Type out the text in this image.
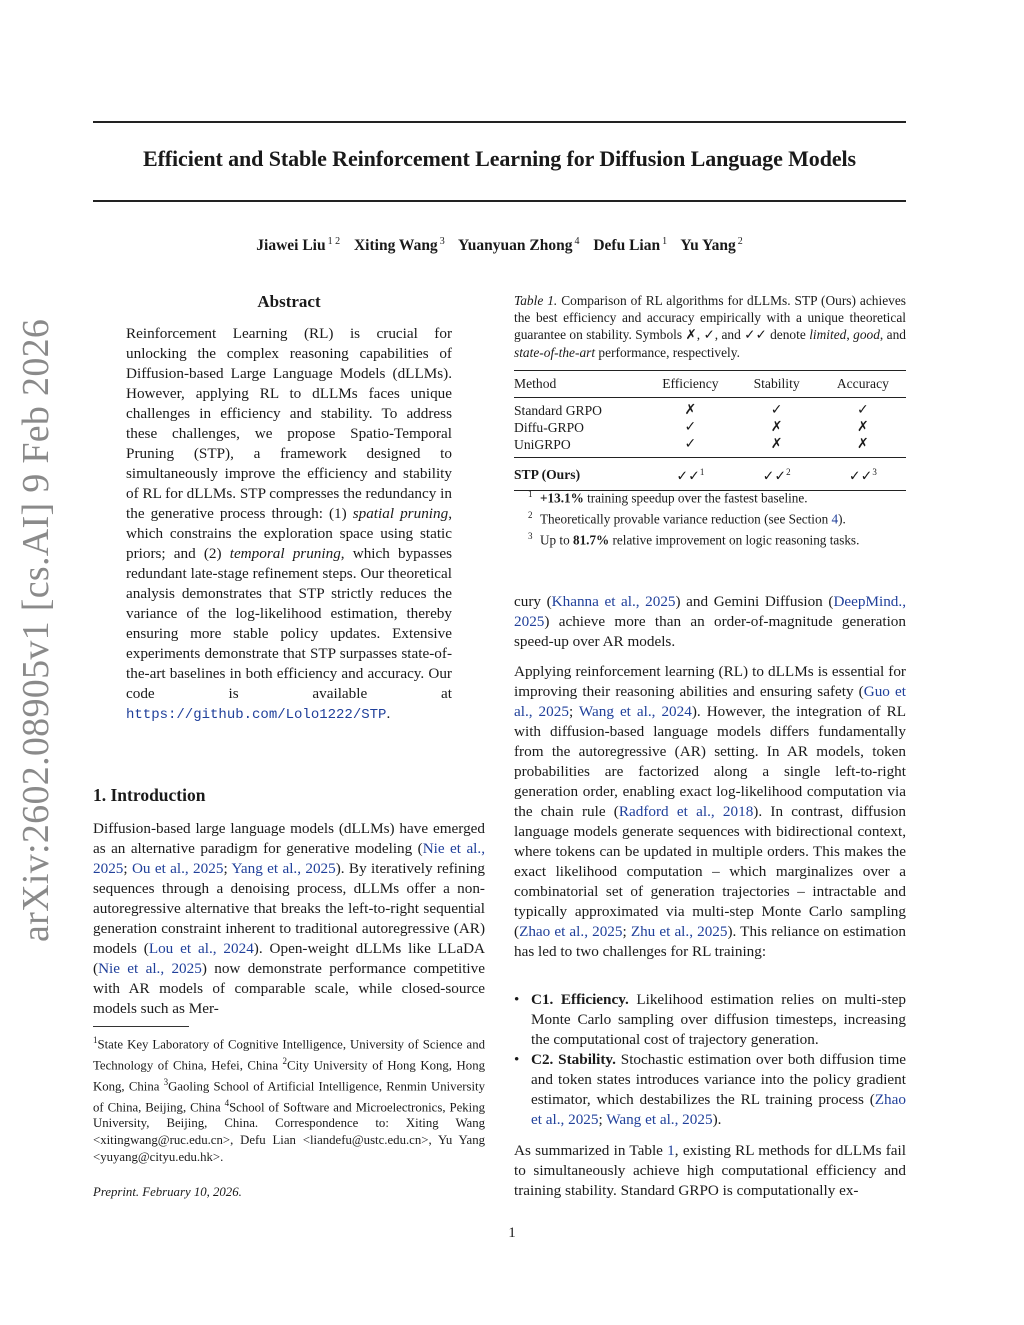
arXiv:2602.08905v1 [cs.AI] 9 Feb 2026
Efficient and Stable Reinforcement Learning for Diffusion Language Models
Jiawei Liu $^{1 2}$ Xiting Wang $^3$ Yuanyuan Zhong $^4$ Defu Lian $^1$ Yu Yang $^2$
Abstract
Reinforcement Learning (RL) is crucial for unlocking the complex reasoning capabilities of Diffusion-based Large Language Models (dLLMs). However, applying RL to dLLMs faces unique challenges in efficiency and stability. To address these challenges, we propose Spatio-Temporal Pruning (STP), a framework designed to simultaneously improve the efficiency and stability of RL for dLLMs. STP compresses the redundancy in the generative process through: (1) spatial pruning, which constrains the exploration space using static priors; and (2) temporal pruning, which bypasses redundant late-stage refinement steps. Our theoretical analysis demonstrates that STP strictly reduces the variance of the log-likelihood estimation, thereby ensuring more stable policy updates. Extensive experiments demonstrate that STP surpasses state-of-the-art baselines in both efficiency and accuracy. Our code is available at https://github.com/Lolo1222/STP.
1. Introduction
Diffusion-based large language models (dLLMs) have emerged as an alternative paradigm for generative modeling (Nie et al., 2025; Ou et al., 2025; Yang et al., 2025). By iteratively refining sequences through a denoising process, dLLMs offer a non-autoregressive alternative that breaks the left-to-right sequential generation constraint inherent to traditional autoregressive (AR) models (Lou et al., 2024). Open-weight dLLMs like LLaDA (Nie et al., 2025) now demonstrate performance competitive with AR models of comparable scale, while closed-source models such as Mer-
$^1$State Key Laboratory of Cognitive Intelligence, University of Science and Technology of China, Hefei, China $^2$City University of Hong Kong, Hong Kong, China $^3$Gaoling School of Artificial Intelligence, Renmin University of China, Beijing, China $^4$School of Software and Microelectronics, Peking University, Beijing, China. Correspondence to: Xiting Wang <xitingwang@ruc.edu.cn>, Defu Lian <liandefu@ustc.edu.cn>, Yu Yang <yuyang@cityu.edu.hk>.
Preprint. February 10, 2026.
1
Table 1. Comparison of RL algorithms for dLLMs. STP (Ours) achieves the best efficiency and accuracy empirically with a unique theoretical guarantee on stability. Symbols ✗, ✓, and ✓✓ denote limited, good, and state-of-the-art performance, respectively.
Method	Efficiency	Stability	Accuracy
Standard GRPO	✗	✓	✓
Diffu-GRPO	✓	✗	✗
UniGRPO	✓	✗	✗
STP (Ours)	✓✓$^1$	✓✓$^2$	✓✓$^3$
$^1$ +13.1% training speedup over the fastest baseline.
$^2$ Theoretically provable variance reduction (see Section 4).
$^3$ Up to 81.7% relative improvement on logic reasoning tasks.
cury (Khanna et al., 2025) and Gemini Diffusion (DeepMind., 2025) achieve more than an order-of-magnitude generation speed-up over AR models.
Applying reinforcement learning (RL) to dLLMs is essential for improving their reasoning abilities and ensuring safety (Guo et al., 2025; Wang et al., 2024). However, the integration of RL with diffusion-based language models differs fundamentally from the autoregressive (AR) setting. In AR models, token probabilities are factorized along a single left-to-right generation order, enabling exact log-likelihood computation via the chain rule (Radford et al., 2018). In contrast, diffusion language models generate sequences with bidirectional context, where tokens can be updated in multiple orders. This makes the exact likelihood computation – which marginalizes over a combinatorial set of generation trajectories – intractable and typically approximated via multi-step Monte Carlo sampling (Zhao et al., 2025; Zhu et al., 2025). This reliance on estimation has led to two challenges for RL training:
• C1. Efficiency. Likelihood estimation relies on multi-step Monte Carlo sampling over diffusion timesteps, increasing the computational cost of trajectory generation.
• C2. Stability. Stochastic estimation over both diffusion time and token states introduces variance into the policy gradient estimator, which destabilizes the RL training process (Zhao et al., 2025; Wang et al., 2025).
As summarized in Table 1, existing RL methods for dLLMs fail to simultaneously achieve high computational efficiency and training stability. Standard GRPO is computationally ex-
